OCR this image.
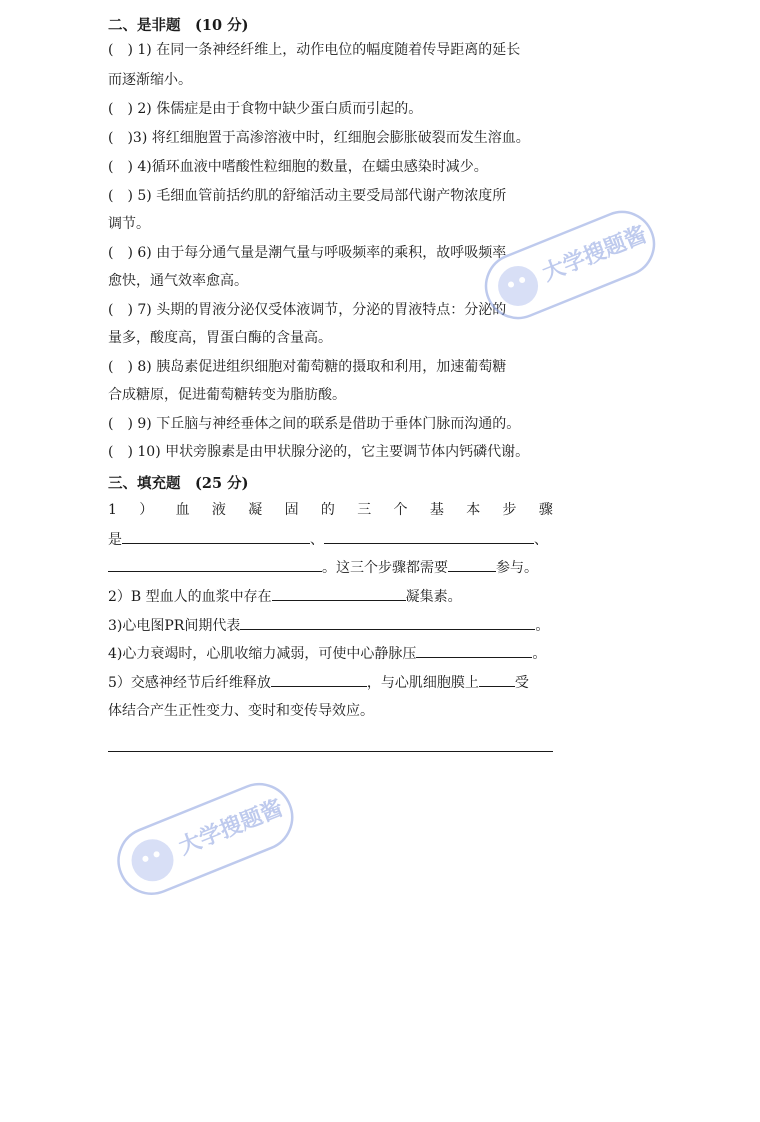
二、是非题　(10 分)
(　) 1) 在同一条神经纤维上，动作电位的幅度随着传导距离的延长
而逐渐缩小。
(　) 2) 侏儒症是由于食物中缺少蛋白质而引起的。
(　)3) 将红细胞置于高渗溶液中时，红细胞会膨胀破裂而发生溶血。
(　) 4)循环血液中嗜酸性粒细胞的数量，在蠕虫感染时减少。
(　) 5) 毛细血管前括约肌的舒缩活动主要受局部代谢产物浓度所
调节。
(　) 6) 由于每分通气量是潮气量与呼吸频率的乘积，故呼吸频率
愈快，通气效率愈高。
(　) 7) 头期的胃液分泌仅受体液调节，分泌的胃液特点：分泌的
量多，酸度高，胃蛋白酶的含量高。
(　) 8) 胰岛素促进组织细胞对葡萄糖的摄取和利用，加速葡萄糖
合成糖原，促进葡萄糖转变为脂肪酸。
(　) 9) 下丘脑与神经垂体之间的联系是借助于垂体门脉而沟通的。
(　) 10) 甲状旁腺素是由甲状腺分泌的，它主要调节体内钙磷代谢。
三、填充题　(25 分)
1 ） 血 液 凝 固 的 三 个 基 本 步 骤
是	、	、
。这三个步骤都需要	参与。
2）B 型血人的血浆中存在	凝集素。
3)心电图PR间期代表	。
4)心力衰竭时，心肌收缩力减弱，可使中心静脉压	。
5）交感神经节后纤维释放	，与心肌细胞膜上	受
体结合产生正性变力、变时和变传导效应。
大学搜题酱
大学搜题酱
